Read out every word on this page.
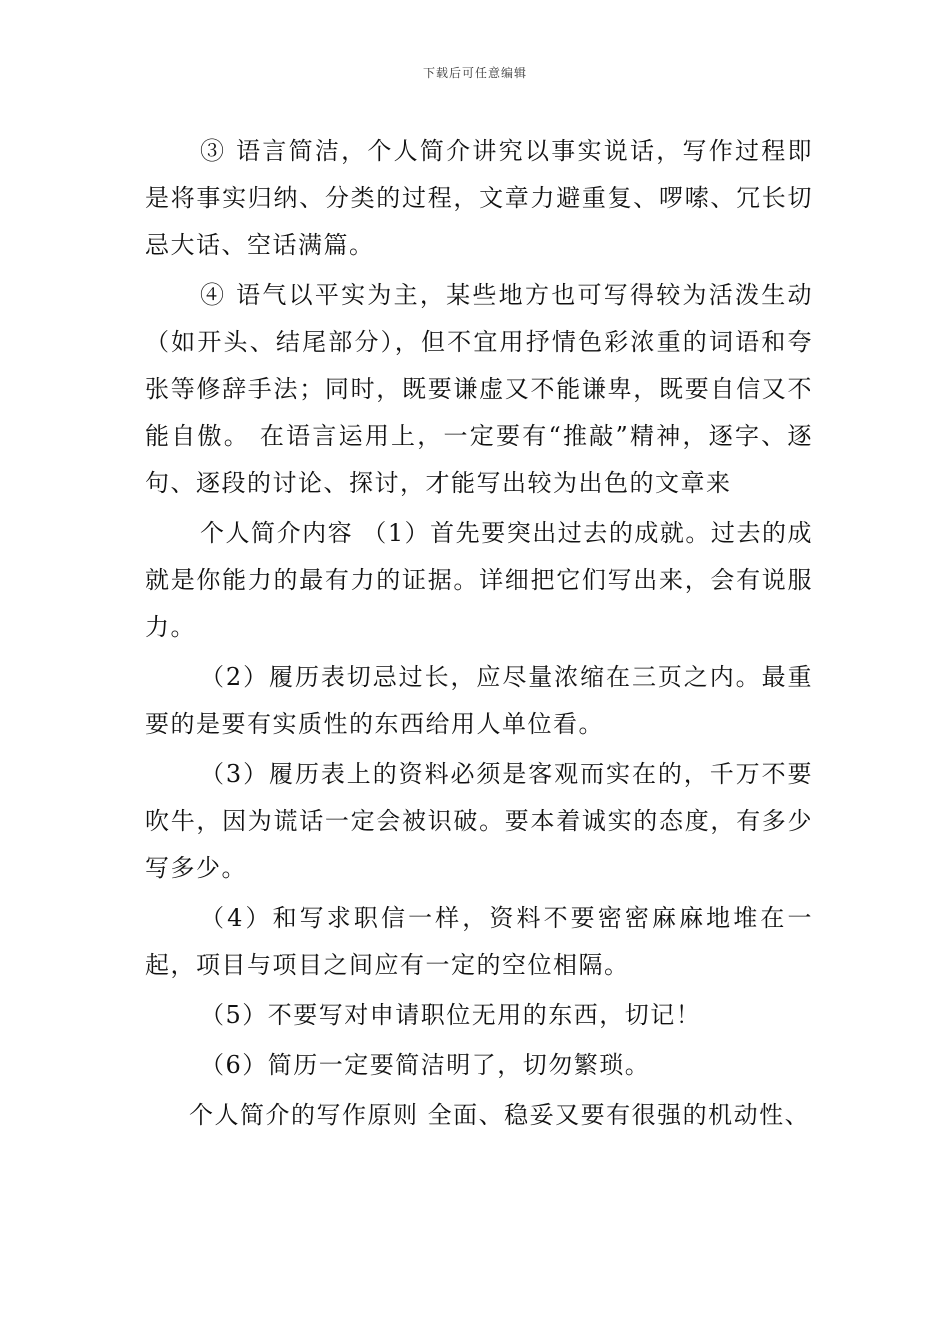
下载后可任意编辑

③ 语言简洁，个人简介讲究以事实说话，写作过程即是将事实归纳、分类的过程，文章力避重复、啰嗦、冗长切忌大话、空话满篇。

④ 语气以平实为主，某些地方也可写得较为活泼生动（如开头、结尾部分），但不宜用抒情色彩浓重的词语和夸张等修辞手法；同时，既要谦虚又不能谦卑，既要自信又不能自傲。 在语言运用上，一定要有“推敲”精神，逐字、逐句、逐段的讨论、探讨，才能写出较为出色的文章来

个人简介内容 （1）首先要突出过去的成就。过去的成就是你能力的最有力的证据。详细把它们写出来，会有说服力。

（2）履历表切忌过长，应尽量浓缩在三页之内。最重要的是要有实质性的东西给用人单位看。

（3）履历表上的资料必须是客观而实在的，千万不要吹牛，因为谎话一定会被识破。要本着诚实的态度，有多少写多少。

（4）和写求职信一样，资料不要密密麻麻地堆在一起，项目与项目之间应有一定的空位相隔。

（5）不要写对申请职位无用的东西，切记！

（6）简历一定要简洁明了，切勿繁琐。

个人简介的写作原则 全面、稳妥又要有很强的机动性、
